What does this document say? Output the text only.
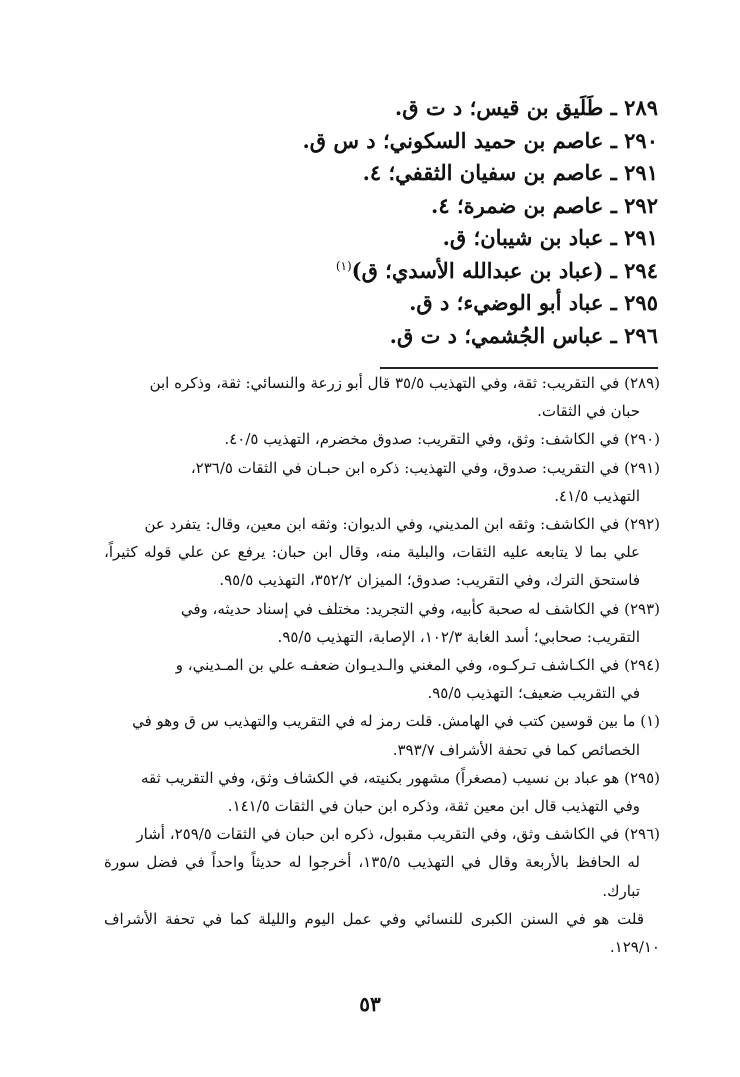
٢٨٩ ـ طَلَيق بن قيس؛ د ت ق.
٢٩٠ ـ عاصم بن حميد السكوني؛ د س ق.
٢٩١ ـ عاصم بن سفيان الثقفي؛ ٤.
٢٩٢ ـ عاصم بن ضمرة؛ ٤.
٢٩١ ـ عباد بن شيبان؛ ق.
٢٩٤ ـ (عباد بن عبدالله الأسدي؛ ق)$^{(١)}$
٢٩٥ ـ عباد أبو الوضيء؛ د ق.
٢٩٦ ـ عباس الجُشمي؛ د ت ق.

(٢٨٩) في التقريب: ثقة، وفي التهذيب ٣٥/٥ قال أبو زرعة والنسائي: ثقة، وذكره ابن
حبان في الثقات.

(٢٩٠) في الكاشف: وثق، وفي التقريب: صدوق مخضرم، التهذيب ٤٠/٥.

(٢٩١) في التقريب: صدوق، وفي التهذيب: ذكره ابن حبـان في الثقات ٢٣٦/٥،
التهذيب ٤١/٥.

(٢٩٢) في الكاشف: وثقه ابن المديني، وفي الديوان: وثقه ابن معين، وقال: يتفرد عن
علي بما لا يتابعه عليه الثقات، والبلية منه، وقال ابن حبان: يرفع عن علي قوله كثيراً، فاستحق الترك، وفي التقريب: صدوق؛ الميزان ٣٥٢/٢، التهذيب ٩٥/٥.

(٢٩٣) في الكاشف له صحبة كأبيه، وفي التجريد: مختلف في إسناد حديثه، وفي
التقريب: صحابي؛ أسد الغابة ١٠٢/٣، الإصابة، التهذيب ٩٥/٥.

(٢٩٤) في الكـاشف تـركـوه، وفي المغني والـديـوان ضعفـه علي بن المـديني، و
في التقريب ضعيف؛ التهذيب ٩٥/٥.

(١) ما بين قوسين كتب في الهامش. قلت رمز له في التقريب والتهذيب س ق وهو في
الخصائص كما في تحفة الأشراف ٣٩٣/٧.

(٢٩٥) هو عباد بن نسيب (مصغراً) مشهور بكنيته، في الكشاف وثق، وفي التقريب ثقه
وفي التهذيب قال ابن معين ثقة، وذكره ابن حبان في الثقات ١٤١/٥.

(٢٩٦) في الكاشف وثق، وفي التقريب مقبول، ذكره ابن حبان في الثقات ٢٥٩/٥، أشار
له الحافظ بالأربعة وقال في التهذيب ١٣٥/٥، أخرجوا له حديثاً واحداً في فضل سورة تبارك.

قلت هو في السنن الكبرى للنسائي وفي عمل اليوم والليلة كما في تحفة الأشراف ١٢٩/١٠.

٥٣
